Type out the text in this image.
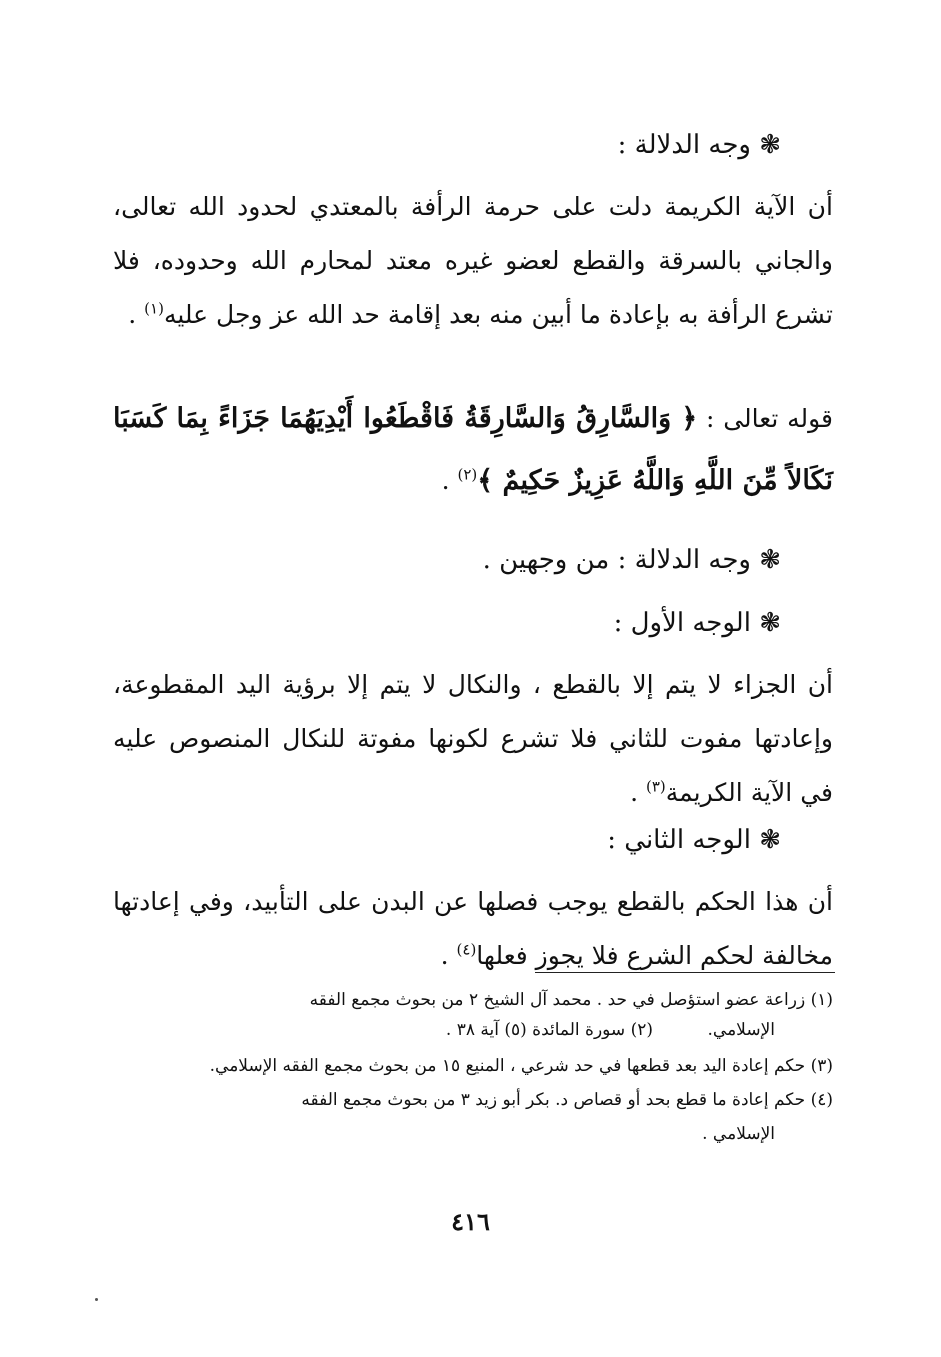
❃ وجه الدلالة :
أن الآية الكريمة دلت على حرمة الرأفة بالمعتدي لحدود الله تعالى، والجاني بالسرقة والقطع لعضو غيره معتد لمحارم الله وحدوده، فلا تشرع الرأفة به بإعادة ما أبين منه بعد إقامة حد الله عز وجل عليه$^{(١)}$ .
قوله تعالى : ﴿ وَالسَّارِقُ وَالسَّارِقَةُ فَاقْطَعُوا أَيْدِيَهُمَا جَزَاءً بِمَا كَسَبَا نَكَالاً مِّنَ اللَّهِ وَاللَّهُ عَزِيزٌ حَكِيمٌ ﴾$^{(٢)}$ .
❃ وجه الدلالة : من وجهين .
❃ الوجه الأول :
أن الجزاء لا يتم إلا بالقطع ، والنكال لا يتم إلا برؤية اليد المقطوعة، وإعادتها مفوت للثاني فلا تشرع لكونها مفوتة للنكال المنصوص عليه في الآية الكريمة$^{(٣)}$ .
❃ الوجه الثاني :
أن هذا الحكم بالقطع يوجب فصلها عن البدن على التأبيد، وفي إعادتها مخالفة لحكم الشرع فلا يجوز فعلها$^{(٤)}$ .
(١) زراعة عضو استؤصل في حد . محمد آل الشيخ ٢ من بحوث مجمع الفقه
الإسلامي.
(٢) سورة المائدة (٥) آية ٣٨ .
(٣) حكم إعادة اليد بعد قطعها في حد شرعي ، المنيع ١٥ من بحوث مجمع الفقه الإسلامي.
(٤) حكم إعادة ما قطع بحد أو قصاص د. بكر أبو زيد ٣ من بحوث مجمع الفقه
الإسلامي .
٤١٦
